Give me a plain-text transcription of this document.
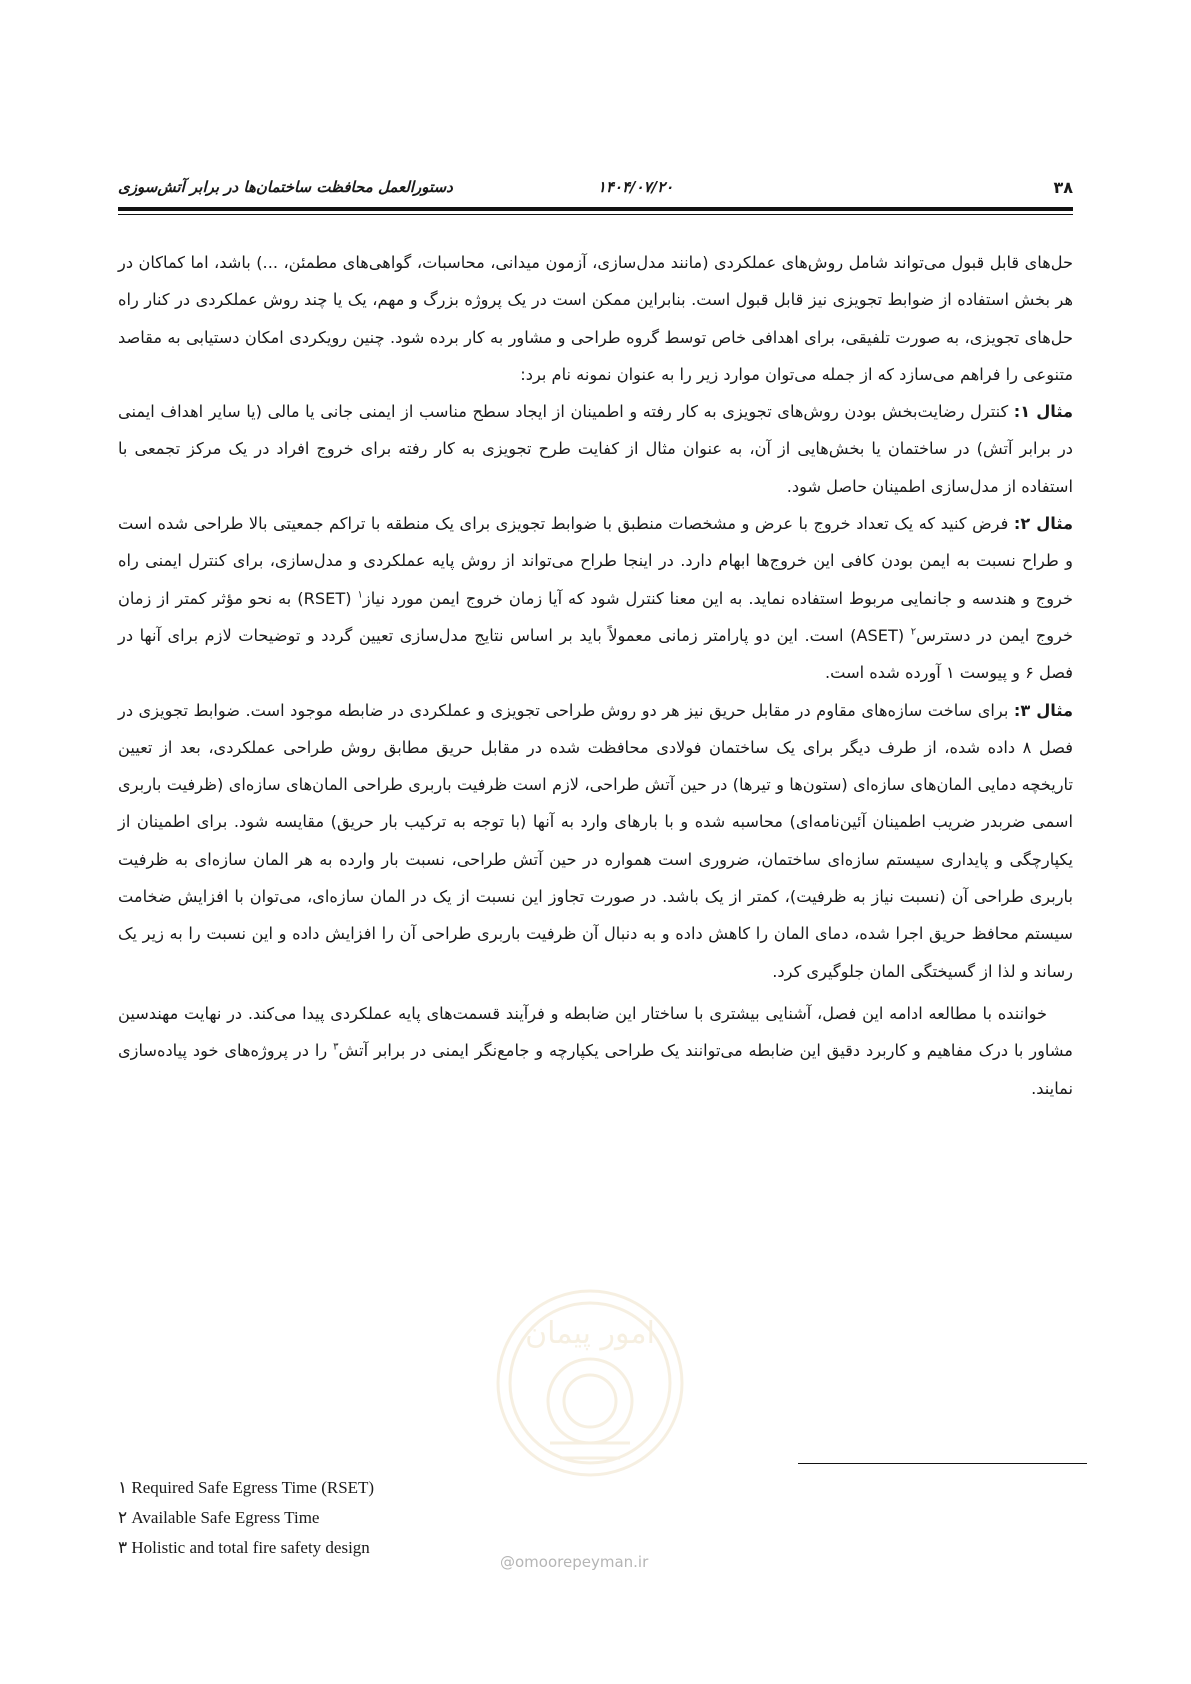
۳۸
۱۴۰۴/۰۷/۲۰
دستورالعمل محافظت ساختمان‌ها در برابر آتش‌سوزی

حل‌های قابل قبول می‌تواند شامل روش‌های عملکردی (مانند مدل‌سازی، آزمون میدانی، محاسبات، گواهی‌های مطمئن، ...) باشد، اما کماکان در هر بخش استفاده از ضوابط تجویزی نیز قابل قبول است. بنابراین ممکن است در یک پروژه بزرگ و مهم، یک یا چند روش عملکردی در کنار راه حل‌های تجویزی، به صورت تلفیقی، برای اهدافی خاص توسط گروه طراحی و مشاور به کار برده شود. چنین رویکردی امکان دستیابی به مقاصد متنوعی را فراهم می‌سازد که از جمله می‌توان موارد زیر را به عنوان نمونه نام برد:

مثال ۱: کنترل رضایت‌بخش بودن روش‌های تجویزی به کار رفته و اطمینان از ایجاد سطح مناسب از ایمنی جانی یا مالی (یا سایر اهداف ایمنی در برابر آتش) در ساختمان یا بخش‌هایی از آن، به عنوان مثال از کفایت طرح تجویزی به کار رفته برای خروج افراد در یک مرکز تجمعی با استفاده از مدل‌سازی اطمینان حاصل شود.

مثال ۲: فرض کنید که یک تعداد خروج با عرض و مشخصات منطبق با ضوابط تجویزی برای یک منطقه با تراکم جمعیتی بالا طراحی شده است و طراح نسبت به ایمن بودن کافی این خروج‌ها ابهام دارد. در اینجا طراح می‌تواند از روش پایه عملکردی و مدل‌سازی، برای کنترل ایمنی راه خروج و هندسه و جانمایی مربوط استفاده نماید. به این معنا کنترل شود که آیا زمان خروج ایمن مورد نیاز$^۱$ (RSET) به نحو مؤثر کمتر از زمان خروج ایمن در دسترس$^۲$ (ASET) است. این دو پارامتر زمانی معمولاً باید بر اساس نتایج مدل‌سازی تعیین گردد و توضیحات لازم برای آنها در فصل ۶ و پیوست ۱ آورده شده است.

مثال ۳: برای ساخت سازه‌های مقاوم در مقابل حریق نیز هر دو روش طراحی تجویزی و عملکردی در ضابطه موجود است. ضوابط تجویزی در فصل ۸ داده شده، از طرف دیگر برای یک ساختمان فولادی محافظت شده در مقابل حریق مطابق روش طراحی عملکردی، بعد از تعیین تاریخچه دمایی المان‌های سازه‌ای (ستون‌ها و تیرها) در حین آتش طراحی، لازم است ظرفیت باربری طراحی المان‌های سازه‌ای (ظرفیت باربری اسمی ضربدر ضریب اطمینان آئین‌نامه‌ای) محاسبه شده و با بارهای وارد به آنها (با توجه به ترکیب بار حریق) مقایسه شود. برای اطمینان از یکپارچگی و پایداری سیستم سازه‌ای ساختمان، ضروری است همواره در حین آتش طراحی، نسبت بار وارده به هر المان سازه‌ای به ظرفیت باربری طراحی آن (نسبت نیاز به ظرفیت)، کمتر از یک باشد. در صورت تجاوز این نسبت از یک در المان سازه‌ای، می‌توان با افزایش ضخامت سیستم محافظ حریق اجرا شده، دمای المان را کاهش داده و به دنبال آن ظرفیت باربری طراحی آن را افزایش داده و این نسبت را به زیر یک رساند و لذا از گسیختگی المان جلوگیری کرد.

خواننده با مطالعه ادامه این فصل، آشنایی بیشتری با ساختار این ضابطه و فرآیند قسمت‌های پایه عملکردی پیدا می‌کند. در نهایت مهندسین مشاور با درک مفاهیم و کاربرد دقیق این ضابطه می‌توانند یک طراحی یکپارچه و جامع‌نگر ایمنی در برابر آتش$^۳$ را در پروژه‌های خود پیاده‌سازی نمایند.

امور پیمان
@omoorepeyman.ir
۱ Required Safe Egress Time (RSET)
۲ Available Safe Egress Time
۳ Holistic and total fire safety design
